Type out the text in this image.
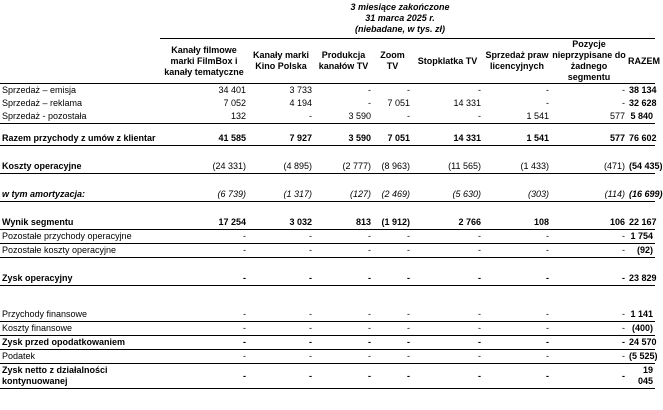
3 miesiące zakończone
31 marca 2025 r.
(niebadane, w tys. zł)
	Kanały filmowe marki FilmBox i kanały tematyczne	Kanały marki Kino Polska	Produkcja kanałów TV	Zoom TV	Stopklatka TV	Sprzedaż praw licencyjnych	Pozycje nieprzypisane do żadnego segmentu	RAZEM
Sprzedaż – emisja	34 401	3 733	-	-	-	-	-	38 134
Sprzedaż – reklama	7 052	4 194	-	7 051	14 331	-	-	32 628
Sprzedaż - pozostała	132	-	3 590	-	-	1 541	577	5 840

Razem przychody z umów z klientar	41 585	7 927	3 590	7 051	14 331	1 541	577	76 602

Koszty operacyjne	(24 331)	(4 895)	(2 777)	(8 963)	(11 565)	(1 433)	(471)	(54 435)

w tym amortyzacja:	(6 739)	(1 317)	(127)	(2 469)	(5 630)	(303)	(114)	(16 699)

Wynik segmentu	17 254	3 032	813	(1 912)	2 766	108	106	22 167
Pozostałe przychody operacyjne	-	-	-	-	-	-	-	1 754
Pozostałe koszty operacyjne	-	-	-	-	-	-	-	(92)

Zysk operacyjny	-	-	-	-	-	-	-	23 829

Przychody finansowe	-	-	-	-	-	-	-	1 141
Koszty finansowe	-	-	-	-	-	-	-	(400)
Zysk przed opodatkowaniem	-	-	-	-	-	-	-	24 570
Podatek	-	-	-	-	-	-	-	(5 525)
Zysk netto z działalności kontynuowanej	-	-	-	-	-	-	-	19 045
